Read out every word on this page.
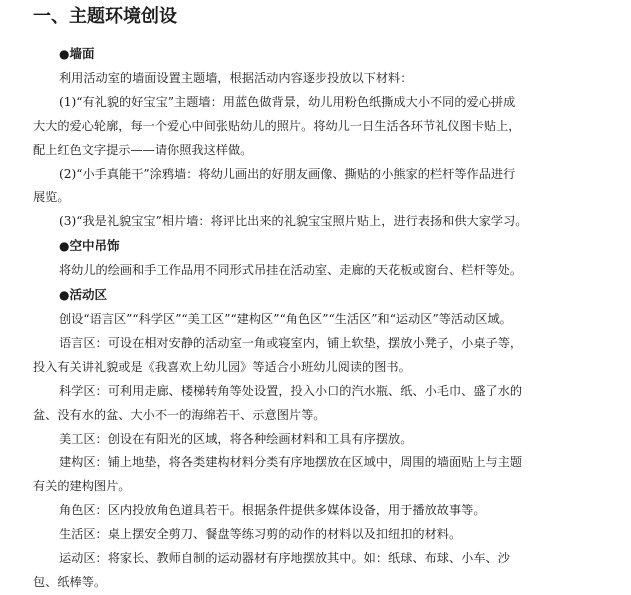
一、主题环境创设
●墙面
利用活动室的墙面设置主题墙，根据活动内容逐步投放以下材料：
(1)“有礼貌的好宝宝”主题墙：用蓝色做背景，幼儿用粉色纸撕成大小不同的爱心拼成
大大的爱心轮廓，每一个爱心中间张贴幼儿的照片。将幼儿一日生活各环节礼仪图卡贴上，
配上红色文字提示——请你照我这样做。
(2)“小手真能干”涂鸦墙：将幼儿画出的好朋友画像、撕贴的小熊家的栏杆等作品进行
展览。
(3)“我是礼貌宝宝”相片墙：将评比出来的礼貌宝宝照片贴上，进行表扬和供大家学习。
●空中吊饰
将幼儿的绘画和手工作品用不同形式吊挂在活动室、走廊的天花板或窗台、栏杆等处。
●活动区
创设“语言区”“科学区”“美工区”“建构区”“角色区”“生活区”和“运动区”等活动区域。
语言区：可设在相对安静的活动室一角或寝室内，铺上软垫，摆放小凳子，小桌子等，
投入有关讲礼貌或是《我喜欢上幼儿园》等适合小班幼儿阅读的图书。
科学区：可利用走廊、楼梯转角等处设置，投入小口的汽水瓶、纸、小毛巾、盛了水的
盆、没有水的盆、大小不一的海绵若干、示意图片等。
美工区：创设在有阳光的区域，将各种绘画材料和工具有序摆放。
建构区：铺上地垫，将各类建构材料分类有序地摆放在区域中，周围的墙面贴上与主题
有关的建构图片。
角色区：区内投放角色道具若干。根据条件提供多媒体设备，用于播放故事等。
生活区：桌上摆安全剪刀、餐盘等练习剪的动作的材料以及扣纽扣的材料。
运动区：将家长、教师自制的运动器材有序地摆放其中。如：纸球、布球、小车、沙
包、纸棒等。
